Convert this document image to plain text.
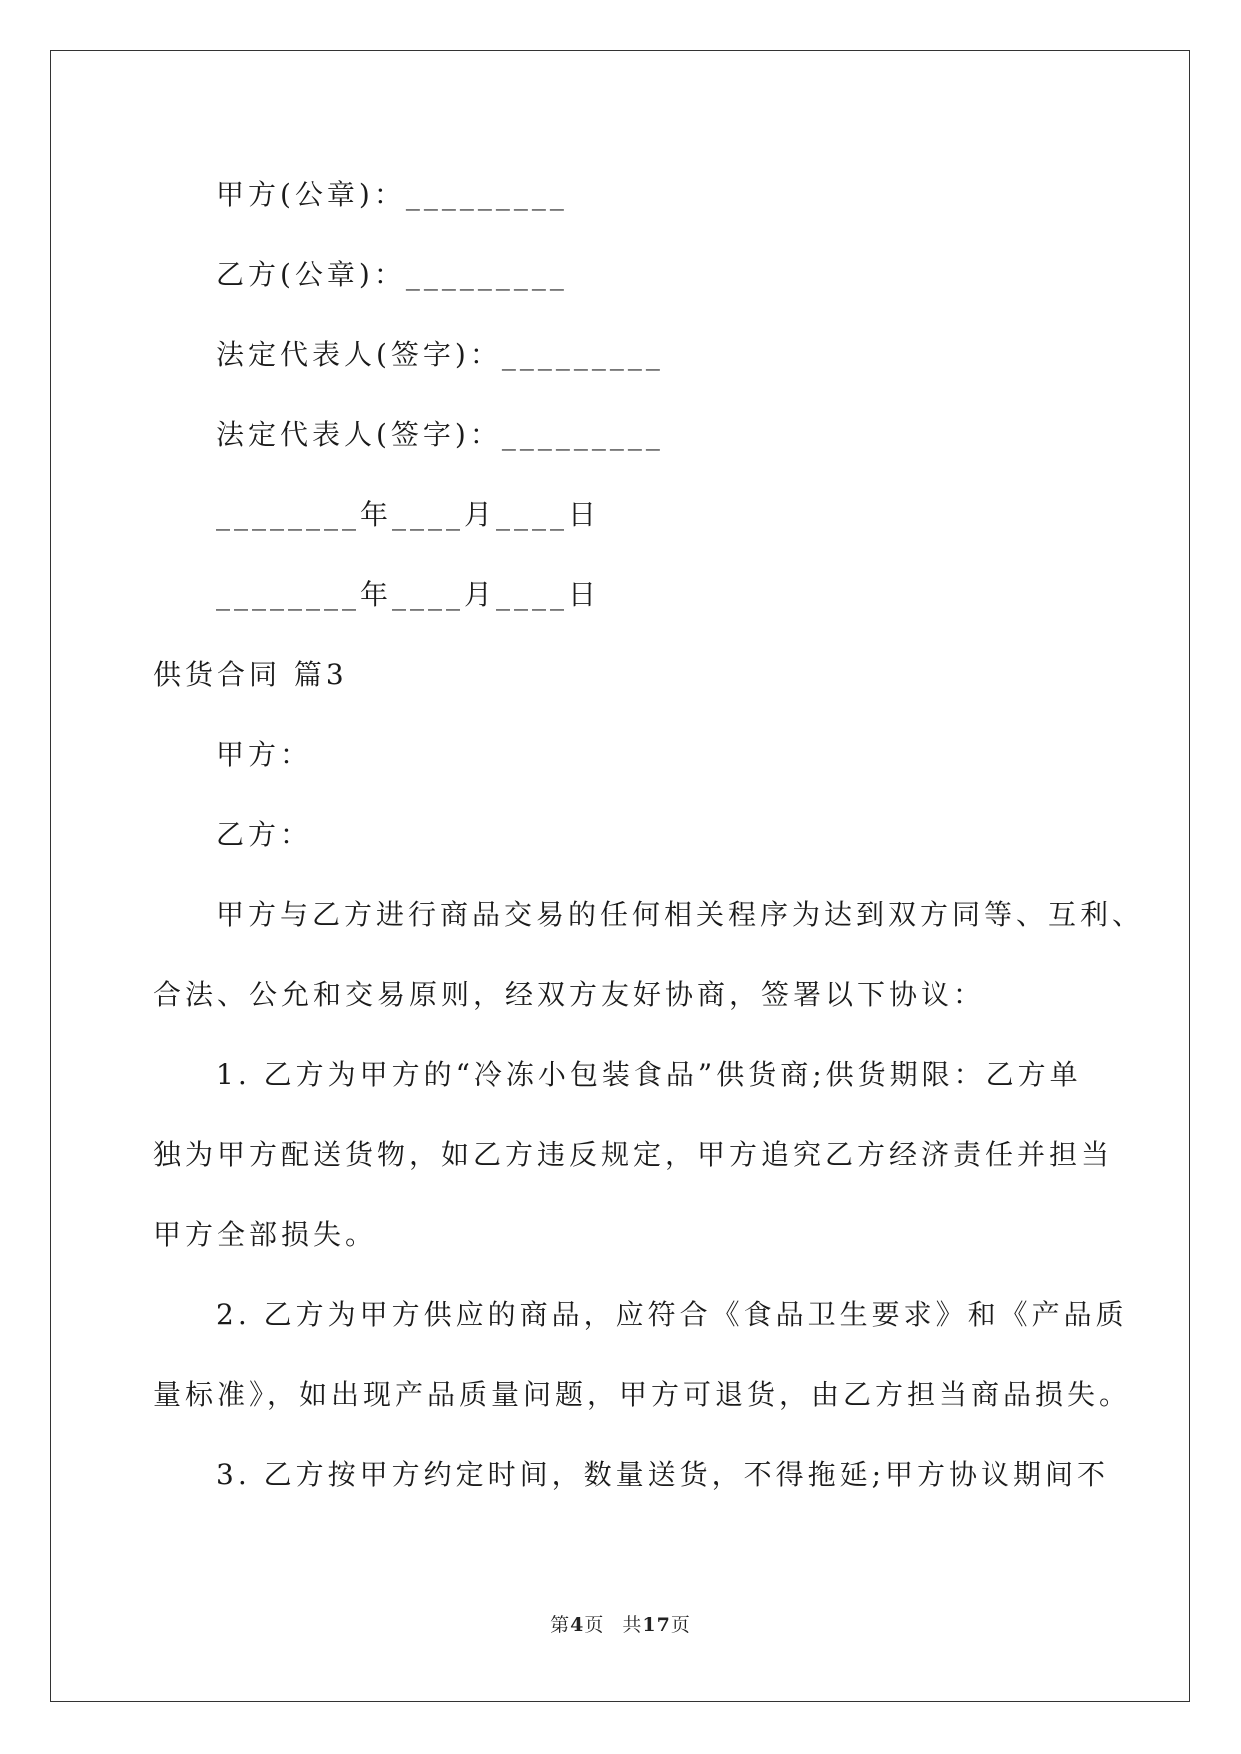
甲方(公章)：_________
乙方(公章)：_________
法定代表人(签字)：_________
法定代表人(签字)：_________
________年____月____日
________年____月____日
供货合同 篇3
甲方：
乙方：
甲方与乙方进行商品交易的任何相关程序为达到双方同等、互利、
合法、公允和交易原则，经双方友好协商，签署以下协议：
1. 乙方为甲方的“冷冻小包装食品”供货商;供货期限：乙方单
独为甲方配送货物，如乙方违反规定，甲方追究乙方经济责任并担当
甲方全部损失。
2. 乙方为甲方供应的商品，应符合《食品卫生要求》和《产品质
量标准》，如出现产品质量问题，甲方可退货，由乙方担当商品损失。
3. 乙方按甲方约定时间，数量送货，不得拖延;甲方协议期间不
第4页 共17页
